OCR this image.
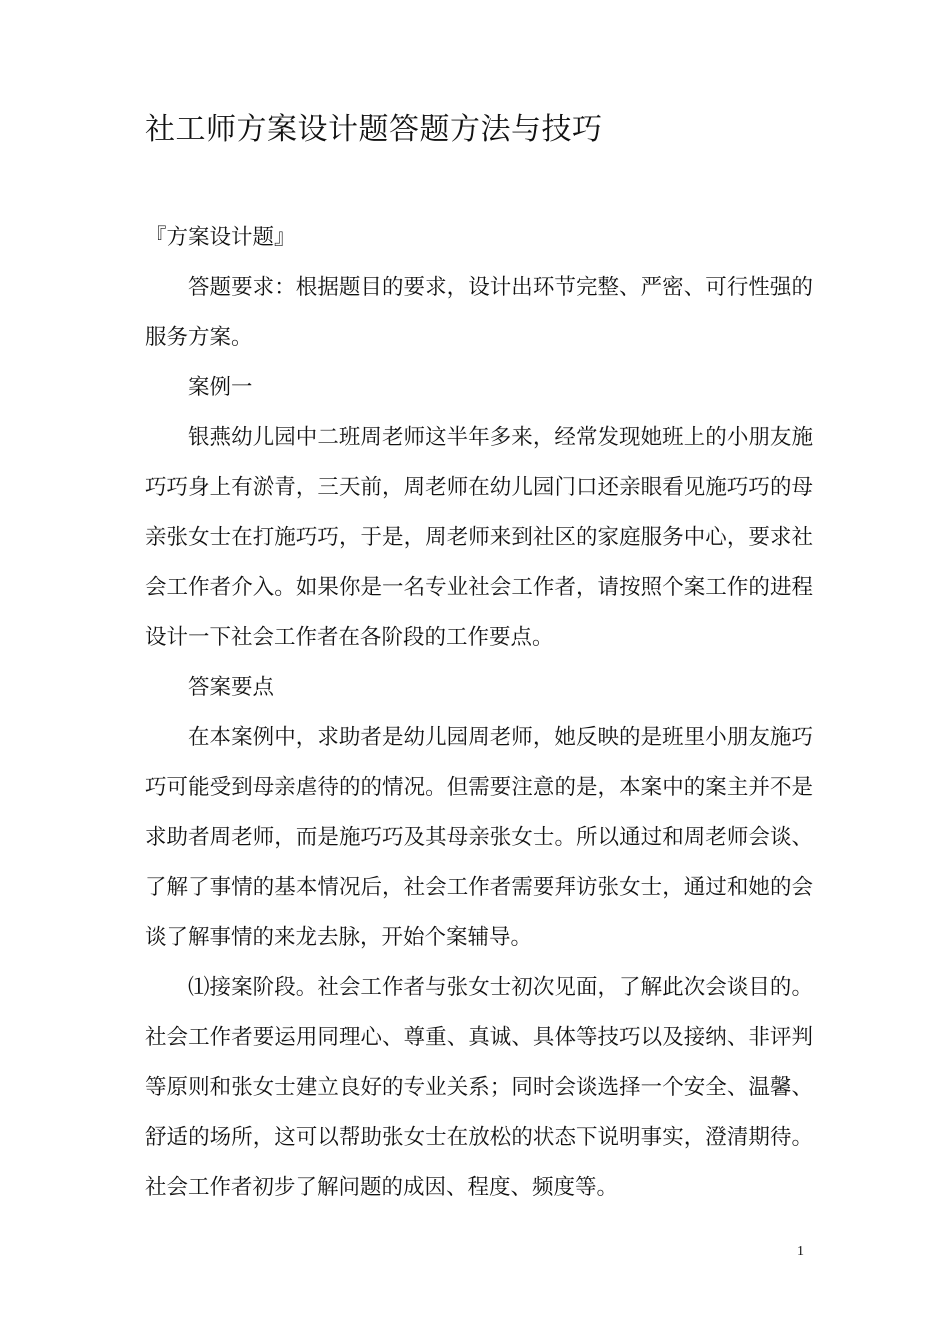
社工师方案设计题答题方法与技巧

『方案设计题』

答题要求：根据题目的要求，设计出环节完整、严密、可行性强的服务方案。

案例一

银燕幼儿园中二班周老师这半年多来，经常发现她班上的小朋友施巧巧身上有淤青，三天前，周老师在幼儿园门口还亲眼看见施巧巧的母亲张女士在打施巧巧，于是，周老师来到社区的家庭服务中心，要求社会工作者介入。如果你是一名专业社会工作者，请按照个案工作的进程设计一下社会工作者在各阶段的工作要点。

答案要点

在本案例中，求助者是幼儿园周老师，她反映的是班里小朋友施巧巧可能受到母亲虐待的的情况。但需要注意的是，本案中的案主并不是求助者周老师，而是施巧巧及其母亲张女士。所以通过和周老师会谈、了解了事情的基本情况后，社会工作者需要拜访张女士，通过和她的会谈了解事情的来龙去脉，开始个案辅导。

⑴接案阶段。社会工作者与张女士初次见面，了解此次会谈目的。社会工作者要运用同理心、尊重、真诚、具体等技巧以及接纳、非评判等原则和张女士建立良好的专业关系；同时会谈选择一个安全、温馨、舒适的场所，这可以帮助张女士在放松的状态下说明事实，澄清期待。社会工作者初步了解问题的成因、程度、频度等。

1
